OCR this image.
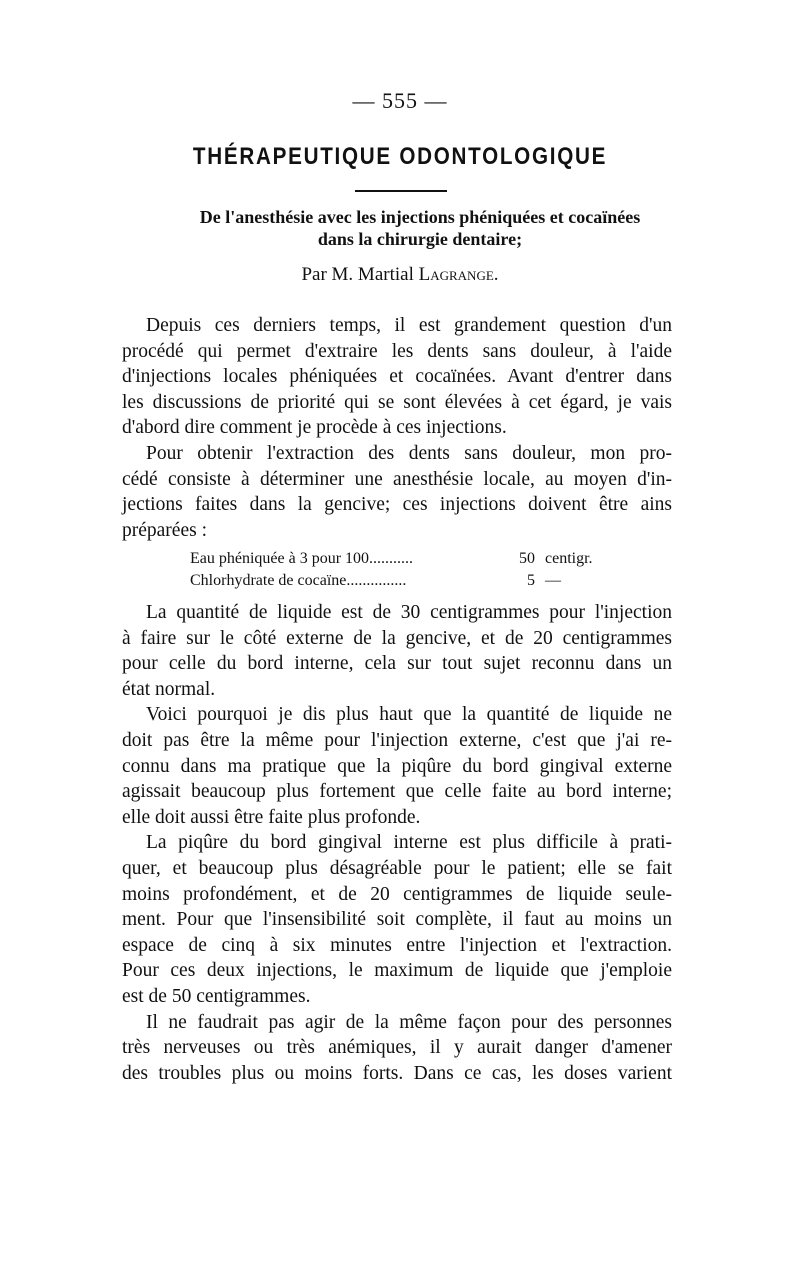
— 555 —
THÉRAPEUTIQUE ODONTOLOGIQUE
De l'anesthésie avec les injections phéniquées et cocaïnées
dans la chirurgie dentaire;
Par M. Martial Lagrange.
Depuis ces derniers temps, il est grandement question d'un
procédé qui permet d'extraire les dents sans douleur, à l'aide
d'injections locales phéniquées et cocaïnées. Avant d'entrer dans
les discussions de priorité qui se sont élevées à cet égard, je vais
d'abord dire comment je procède à ces injections.
Pour obtenir l'extraction des dents sans douleur, mon pro-
cédé consiste à déterminer une anesthésie locale, au moyen d'in-
jections faites dans la gencive; ces injections doivent être ains
préparées :
Eau phéniquée à 3 pour 100...........	50 centigr.
Chlorhydrate de cocaïne...............	5 —
La quantité de liquide est de 30 centigrammes pour l'injection
à faire sur le côté externe de la gencive, et de 20 centigrammes
pour celle du bord interne, cela sur tout sujet reconnu dans un
état normal.
Voici pourquoi je dis plus haut que la quantité de liquide ne
doit pas être la même pour l'injection externe, c'est que j'ai re-
connu dans ma pratique que la piqûre du bord gingival externe
agissait beaucoup plus fortement que celle faite au bord interne;
elle doit aussi être faite plus profonde.
La piqûre du bord gingival interne est plus difficile à prati-
quer, et beaucoup plus désagréable pour le patient; elle se fait
moins profondément, et de 20 centigrammes de liquide seule-
ment. Pour que l'insensibilité soit complète, il faut au moins un
espace de cinq à six minutes entre l'injection et l'extraction.
Pour ces deux injections, le maximum de liquide que j'emploie
est de 50 centigrammes.
Il ne faudrait pas agir de la même façon pour des personnes
très nerveuses ou très anémiques, il y aurait danger d'amener
des troubles plus ou moins forts. Dans ce cas, les doses varient
